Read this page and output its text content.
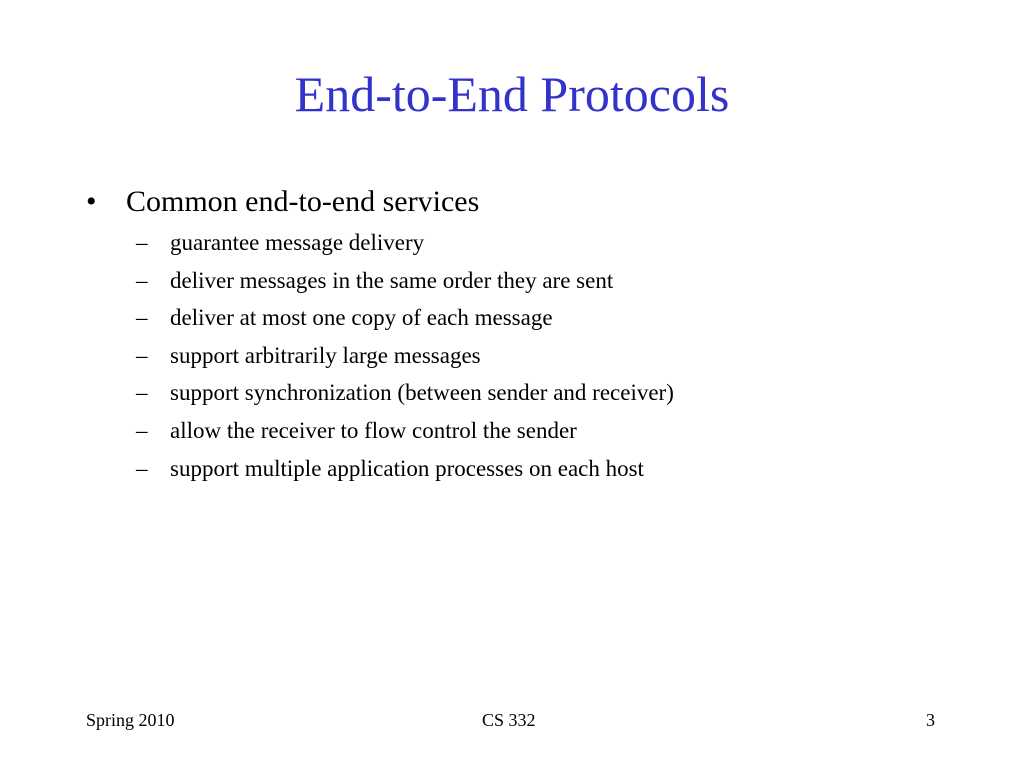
End-to-End Protocols
• Common end-to-end services
– guarantee message delivery
– deliver messages in the same order they are sent
– deliver at most one copy of each message
– support arbitrarily large messages
– support synchronization (between sender and receiver)
– allow the receiver to flow control the sender
– support multiple application processes on each host
Spring 2010	CS 332	3
